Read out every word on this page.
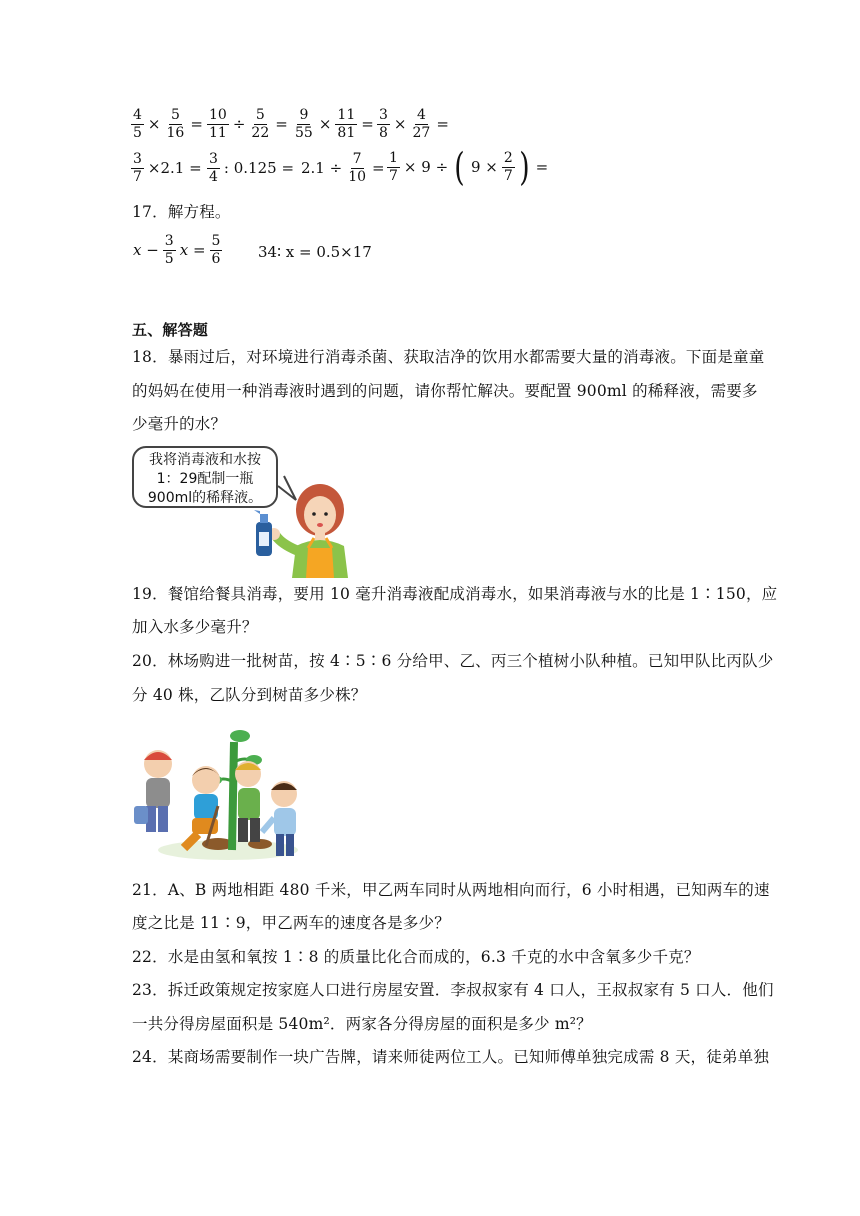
$\frac{4}{5} \times \frac{5}{16} = \frac{10}{11} \div \frac{5}{22} = \frac{9}{55} \times \frac{11}{81} = \frac{3}{8} \times \frac{4}{27}$ =
$\frac{3}{7} \times 2.1 = \frac{3}{4}$ : $0.125 = 2.1 \div \frac{7}{10} = \frac{1}{7} \times 9$ ÷ ( $9 \times \frac{2}{7}$ ) =
17．解方程。
$x - \frac{3}{5}$ $x = \frac{5}{6}$ 34∶ x = 0.5×17
五、解答题
18．暴雨过后，对环境进行消毒杀菌、获取洁净的饮用水都需要大量的消毒液。下面是童童
的妈妈在使用一种消毒液时遇到的问题，请你帮忙解决。要配置 900ml 的稀释液，需要多
少毫升的水？
我将消毒液和水按
1：29配制一瓶
900ml的稀释液。
19．餐馆给餐具消毒，要用 10 毫升消毒液配成消毒水，如果消毒液与水的比是 1∶150，应
加入水多少毫升？
20．林场购进一批树苗，按 4∶5∶6 分给甲、乙、丙三个植树小队种植。已知甲队比丙队少
分 40 株，乙队分到树苗多少株？
21．A、B 两地相距 480 千米，甲乙两车同时从两地相向而行，6 小时相遇，已知两车的速
度之比是 11∶9，甲乙两车的速度各是多少？
22．水是由氢和氧按 1∶8 的质量比化合而成的，6.3 千克的水中含氧多少千克？
23．拆迁政策规定按家庭人口进行房屋安置．李叔叔家有 4 口人，王叔叔家有 5 口人．他们
一共分得房屋面积是 540m²．两家各分得房屋的面积是多少 m²？
24．某商场需要制作一块广告牌，请来师徒两位工人。已知师傅单独完成需 8 天，徒弟单独
